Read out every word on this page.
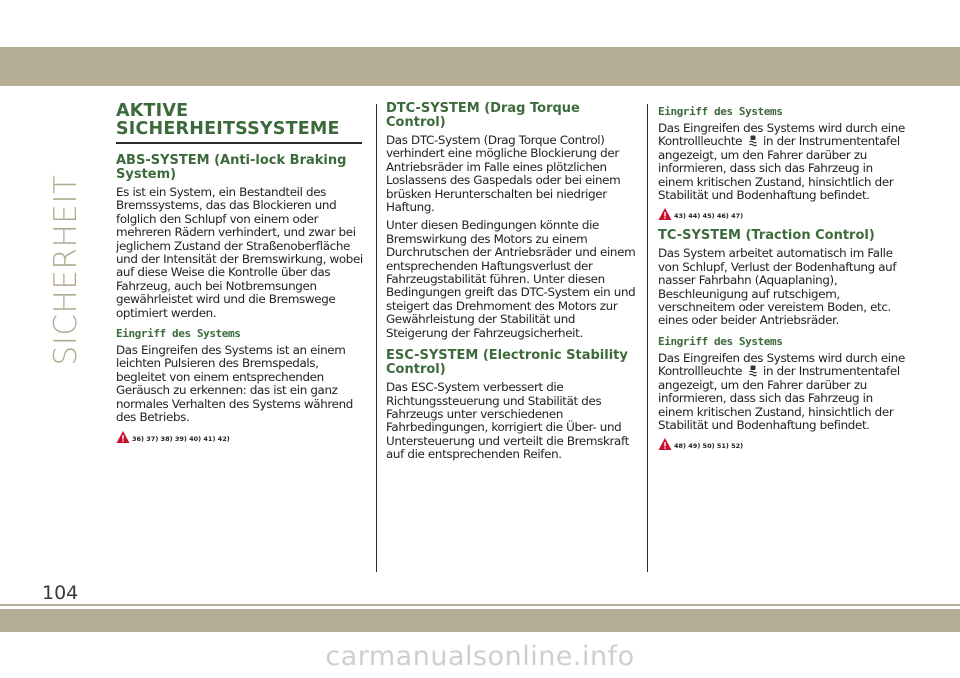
SICHERHEIT
AKTIVE
SICHERHEITSSYSTEME
ABS-SYSTEM (Anti-lock Braking System)

Es ist ein System, ein Bestandteil des Bremssystems, das das Blockieren und folglich den Schlupf von einem oder mehreren Rädern verhindert, und zwar bei jeglichem Zustand der Straßenoberfläche und der Intensität der Bremswirkung, wobei auf diese Weise die Kontrolle über das Fahrzeug, auch bei Notbremsungen gewährleistet wird und die Bremswege optimiert werden.

Eingriff des Systems

Das Eingreifen des Systems ist an einem leichten Pulsieren des Bremspedals, begleitet von einem entsprechenden Geräusch zu erkennen: das ist ein ganz normales Verhalten des Systems während des Betriebs.

36) 37) 38) 39) 40) 41) 42)
DTC-SYSTEM (Drag Torque Control)

Das DTC-System (Drag Torque Control) verhindert eine mögliche Blockierung der Antriebsräder im Falle eines plötzlichen Loslassens des Gaspedals oder bei einem brüsken Herunterschalten bei niedriger Haftung.

Unter diesen Bedingungen könnte die Bremswirkung des Motors zu einem Durchrutschen der Antriebsräder und einem entsprechenden Haftungsverlust der Fahrzeugstabilität führen. Unter diesen Bedingungen greift das DTC-System ein und steigert das Drehmoment des Motors zur Gewährleistung der Stabilität und Steigerung der Fahrzeugsicherheit.

ESC-SYSTEM (Electronic Stability Control)

Das ESC-System verbessert die Richtungssteuerung und Stabilität des Fahrzeugs unter verschiedenen Fahrbedingungen, korrigiert die Über- und Untersteuerung und verteilt die Bremskraft auf die entsprechenden Reifen.

Eingriff des Systems

Das Eingreifen des Systems wird durch eine Kontrollleuchte in der Instrumententafel angezeigt, um den Fahrer darüber zu informieren, dass sich das Fahrzeug in einem kritischen Zustand, hinsichtlich der Stabilität und Bodenhaftung befindet.

43) 44) 45) 46) 47)
TC-SYSTEM (Traction Control)

Das System arbeitet automatisch im Falle von Schlupf, Verlust der Bodenhaftung auf nasser Fahrbahn (Aquaplaning), Beschleunigung auf rutschigem, verschneitem oder vereistem Boden, etc. eines oder beider Antriebsräder.

Eingriff des Systems

Das Eingreifen des Systems wird durch eine Kontrollleuchte in der Instrumententafel angezeigt, um den Fahrer darüber zu informieren, dass sich das Fahrzeug in einem kritischen Zustand, hinsichtlich der Stabilität und Bodenhaftung befindet.

48) 49) 50) 51) 52)
104
carmanualsonline.info
